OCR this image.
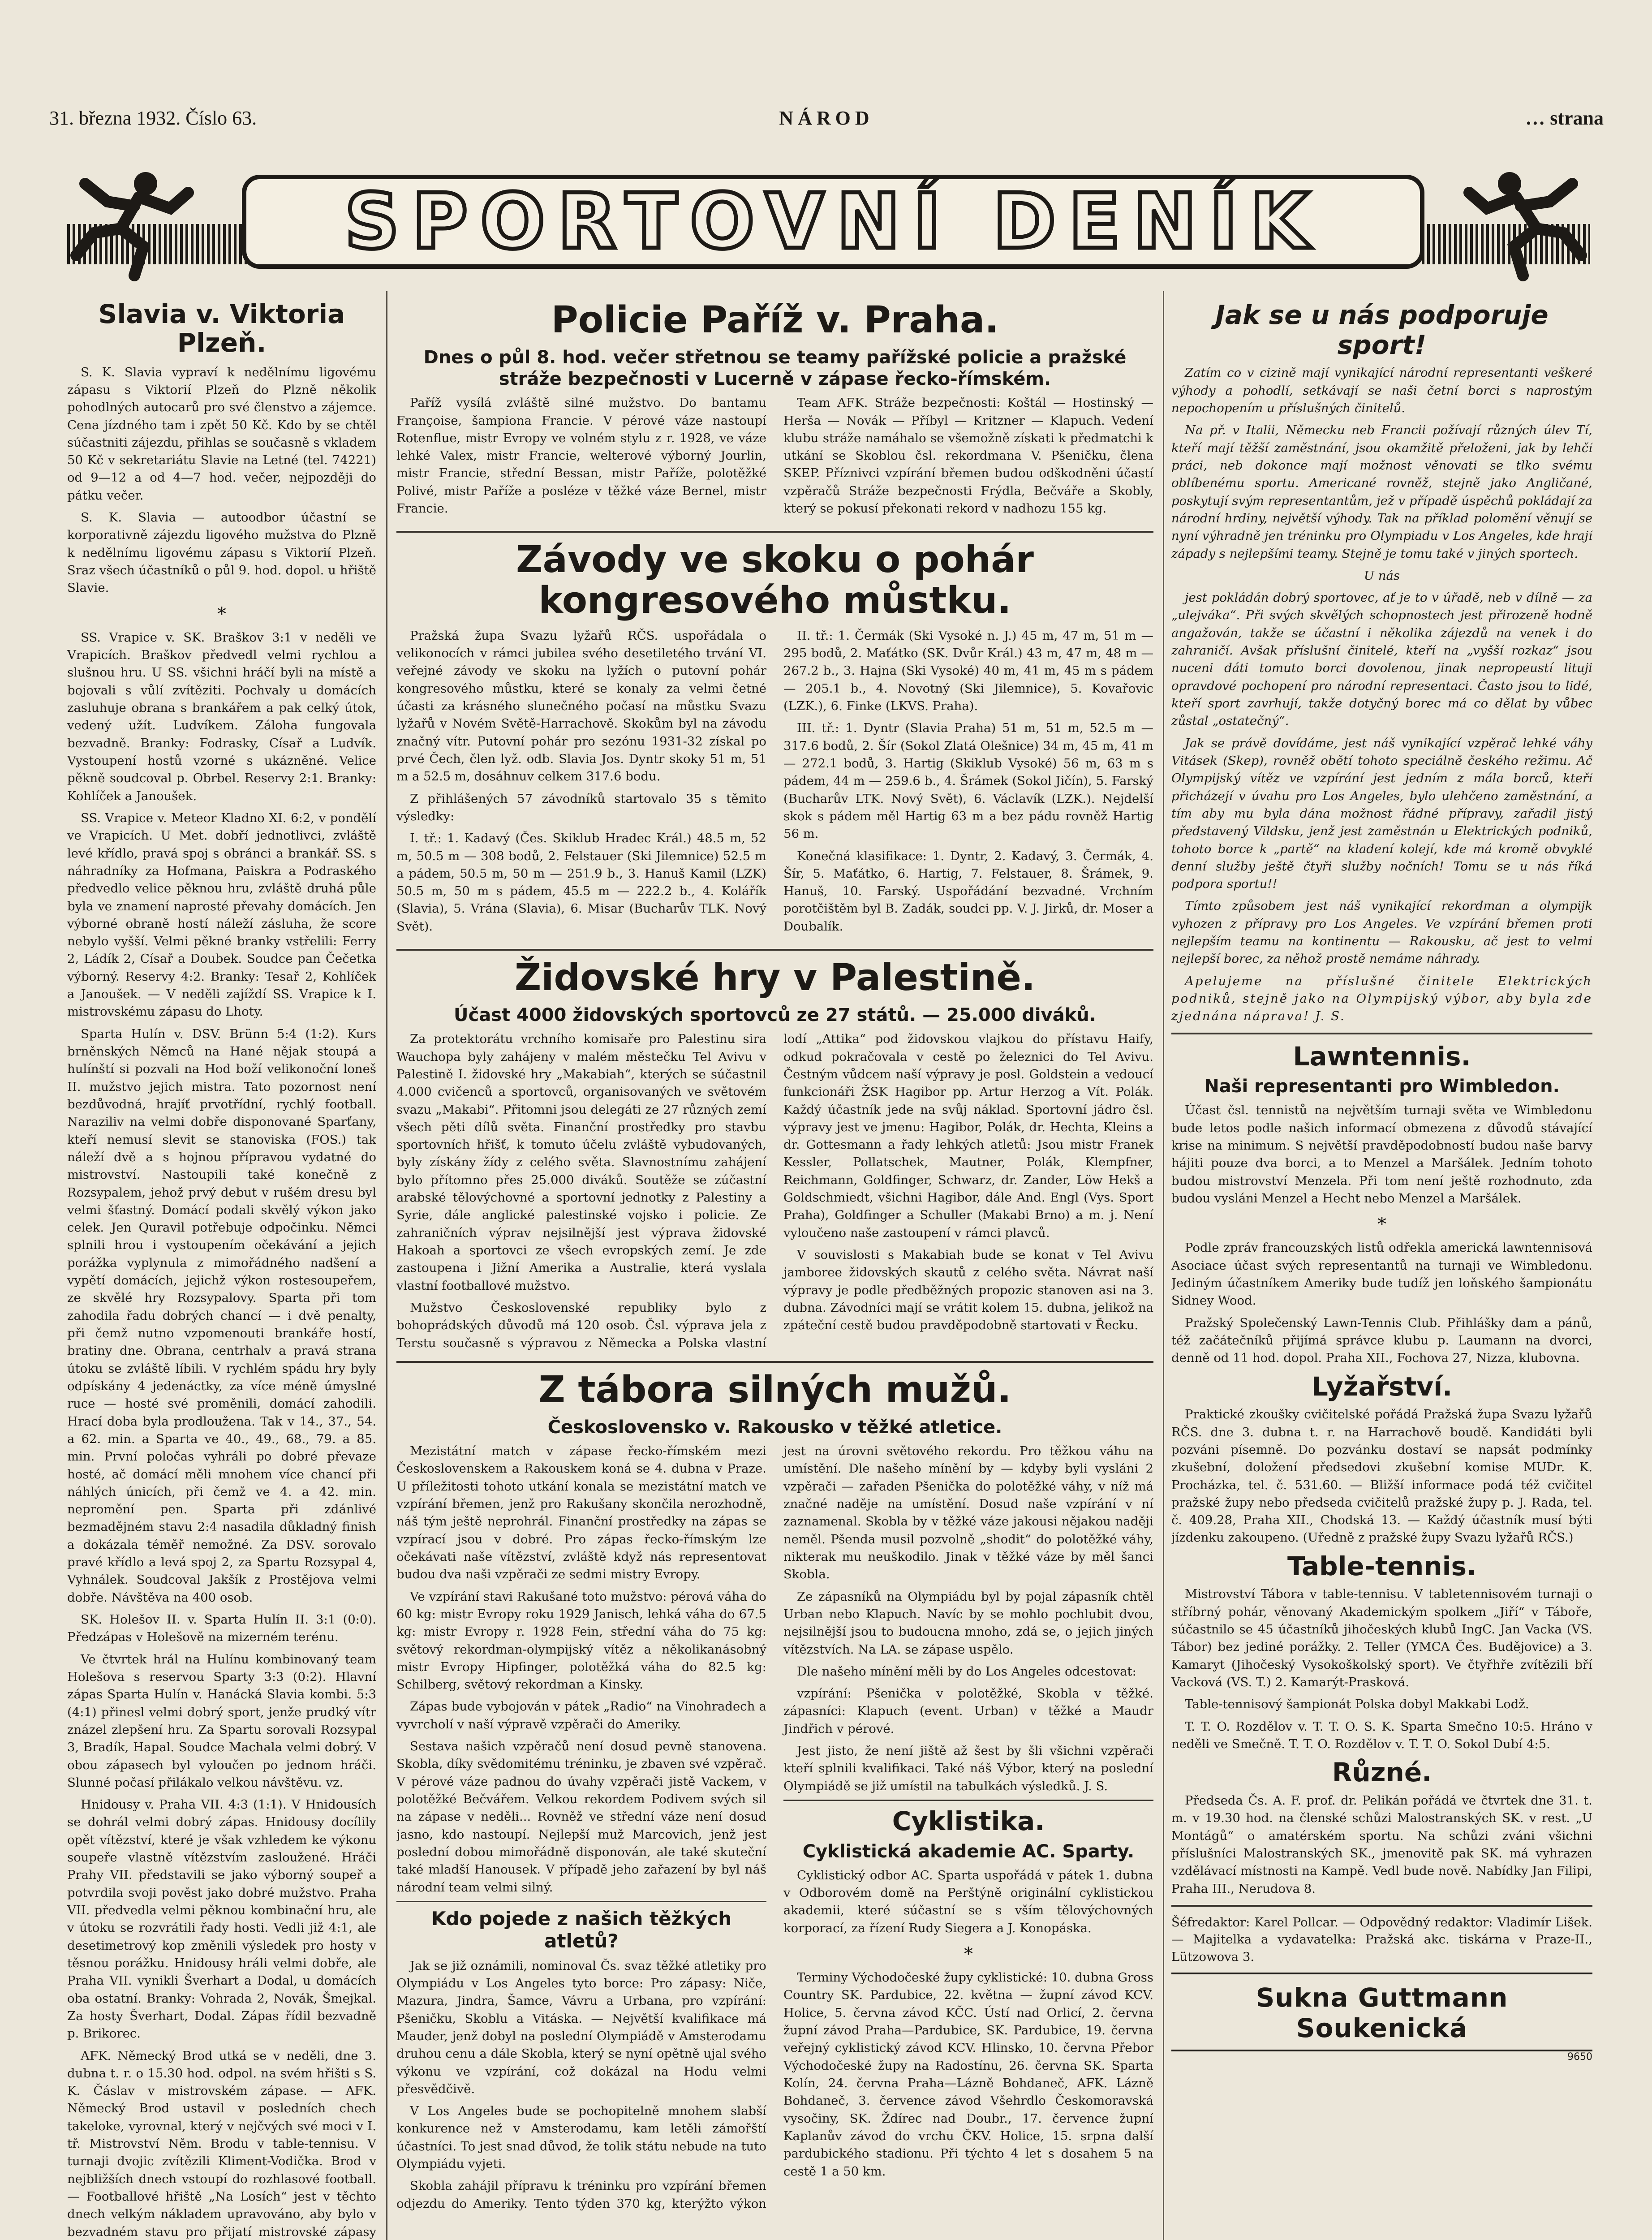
31. března 1932. Číslo 63.	NÁROD	… strana
SPORTOVNÍ DENÍK
Slavia v. Viktoria Plzeň.

S. K. Slavia vypraví k nedělnímu ligovému zápasu s Viktorií Plzeň do Plzně několik pohodlných autocarů pro své členstvo a zájemce. Cena jízdného tam i zpět 50 Kč. Kdo by se chtěl súčastniti zájezdu, přihlas se současně s vkladem 50 Kč v sekretariátu Slavie na Letné (tel. 74221) od 9—12 a od 4—7 hod. večer, nejpozději do pátku večer.

S. K. Slavia — autoodbor účastní se korporativně zájezdu ligového mužstva do Plzně k nedělnímu ligovému zápasu s Viktorií Plzeň. Sraz všech účastníků o půl 9. hod. dopol. u hřiště Slavie.

*

SS. Vrapice v. SK. Braškov 3:1 v neděli ve Vrapicích. Braškov předvedl velmi rychlou a slušnou hru. U SS. všichni hráčí byli na místě a bojovali s vůlí zvítěziti. Pochvaly u domácích zasluhuje obrana s brankářem a pak celký útok, vedený užít. Ludvíkem. Záloha fungovala bezvadně. Branky: Fodrasky, Císař a Ludvík. Vystoupení hostů vzorné s ukázněné. Velice pěkně soudcoval p. Obrbel. Reservy 2:1. Branky: Kohlíček a Janoušek.

SS. Vrapice v. Meteor Kladno XI. 6:2, v pondělí ve Vrapicích. U Met. dobří jednotlivci, zvláště levé křídlo, pravá spoj s obránci a brankář. SS. s náhradníky za Hofmana, Paiskra a Podraského předvedlo velice pěknou hru, zvláště druhá půle byla ve znamení naprosté převahy domácích. Jen výborné obraně hostí náleží zásluha, že score nebylo vyšší. Velmi pěkné branky vstřelili: Ferry 2, Ládík 2, Císař a Doubek. Soudce pan Čečetka výborný. Reservy 4:2. Branky: Tesař 2, Kohlíček a Janoušek. — V neděli zajíždí SS. Vrapice k I. mistrovskému zápasu do Lhoty.

Sparta Hulín v. DSV. Brünn 5:4 (1:2). Kurs brněnských Němců na Hané nějak stoupá a hulínští si pozvali na Hod boží velikonoční loneš II. mužstvo jejich mistra. Tato pozornost není bezdůvodná, hrajíť prvotřídní, rychlý football. Naraziliv na velmi dobře disponované Sparťany, kteří nemusí slevit se stanoviska (FOS.) tak náleží dvě a s hojnou přípravou vydatné do mistrovství. Nastoupili také konečně z Rozsypalem, jehož prvý debut v rušém dresu byl velmi šťastný. Domácí podali skvělý výkon jako celek. Jen Quravil potřebuje odpočinku. Němci splnili hrou i vystoupením očekávání a jejich porážka vyplynula z mimořádného nadšení a vypětí domácích, jejichž výkon rostesoupeřem, ze skvělé hry Rozsypalovy. Sparta při tom zahodila řadu dobrých chancí — i dvě penalty, při čemž nutno vzpomenouti brankáře hostí, bratiny dne. Obrana, centrhalv a pravá strana útoku se zvláště líbili. V rychlém spádu hry byly odpískány 4 jedenáctky, za více méně úmyslné ruce — hosté své proměnili, domácí zahodili. Hrací doba byla prodloužena. Tak v 14., 37., 54. a 62. min. a Sparta ve 40., 49., 68., 79. a 85. min. První poločas vyhráli po dobré převaze hosté, ač domácí měli mnohem více chancí při náhlých únicích, při čemž ve 4. a 42. min. nepromění pen. Sparta při zdánlivé bezmadějném stavu 2:4 nasadila důkladný finish a dokázala téměř nemožné. Za DSV. sorovalo pravé křídlo a levá spoj 2, za Spartu Rozsypal 4, Vyhnálek. Soudcoval Jakšík z Prostějova velmi dobře. Návštěva na 400 osob.

SK. Holešov II. v. Sparta Hulín II. 3:1 (0:0). Předzápas v Holešově na mizerném terénu.

Ve čtvrtek hrál na Hulínu kombinovaný team Holešova s reservou Sparty 3:3 (0:2). Hlavní zápas Sparta Hulín v. Hanácká Slavia kombi. 5:3 (4:1) přinesl velmi dobrý sport, jenže prudký vítr znázel zlepšení hru. Za Spartu sorovali Rozsypal 3, Bradík, Hapal. Soudce Machala velmi dobrý. V obou zápasech byl vyloučen po jednom hráči. Slunné počasí přilákalo velkou návštěvu. vz.

Hnidousy v. Praha VII. 4:3 (1:1). V Hnidousích se dohrál velmi dobrý zápas. Hnidousy docílily opět vítězství, které je však vzhledem ke výkonu soupeře vlastně vítězstvím zasloužené. Hráči Prahy VII. představili se jako výborný soupeř a potvrdila svoji pověst jako dobré mužstvo. Praha VII. předvedla velmi pěknou kombinační hru, ale v útoku se rozvrátili řady hosti. Vedli již 4:1, ale desetimetrový kop změnili výsledek pro hosty v těsnou porážku. Hnidousy hráli velmi dobře, ale Praha VII. vynikli Šverhart a Dodal, u domácích oba ostatní. Branky: Vohrada 2, Novák, Šmejkal. Za hosty Šverhart, Dodal. Zápas řídil bezvadně p. Brikorec.

AFK. Německý Brod utká se v neděli, dne 3. dubna t. r. o 15.30 hod. odpol. na svém hřišti s S. K. Čáslav v mistrovském zápase. — AFK. Německý Brod ustavil v posledních chech takeloke, vyrovnal, který v nejčvých své moci v I. tř. Mistrovství Něm. Brodu v table-tennisu. V turnaji dvojic zvítězili Kliment-Vodička. Brod v nejbližších dnech vstoupí do rozhlasové football. — Footballové hřiště „Na Losích“ jest v těchto dnech velkým nákladem upravováno, aby bylo v bezvadném stavu pro přijatí mistrovské zápasy

Policie Paříž v. Praha.
Dnes o půl 8. hod. večer střetnou se teamy pařížské policie a pražské stráže bezpečnosti v Lucerně v zápase řecko-římském.

Paříž vysílá zvláště silné mužstvo. Do bantamu Françoise, šampiona Francie. V pérové váze nastoupí Rotenflue, mistr Evropy ve volném stylu z r. 1928, ve váze lehké Valex, mistr Francie, welterové výborný Jourlin, mistr Francie, střední Bessan, mistr Paříže, polotěžké Polivé, mistr Paříže a posléze v těžké váze Bernel, mistr Francie.

Team AFK. Stráže bezpečnosti: Koštál — Hostinský — Herša — Novák — Příbyl — Kritzner — Klapuch. Vedení klubu stráže namáhalo se všemožně získati k předmatchi k utkání se Skoblou čsl. rekordmana V. Pšeničku, člena SKEP. Příznivci vzpírání břemen budou odškodněni účastí vzpěračů Stráže bezpečnosti Frýdla, Bečváře a Skobly, který se pokusí překonati rekord v nadhozu 155 kg.

Závody ve skoku o pohár kongresového můstku.

Pražská župa Svazu lyžařů RČS. uspořádala o velikonocích v rámci jubilea svého desetiletého trvání VI. veřejné závody ve skoku na lyžích o putovní pohár kongresového můstku, které se konaly za velmi četné účasti za krásného slunečného počasí na můstku Svazu lyžařů v Novém Světě-Harrachově. Skokům byl na závodu značný vítr. Putovní pohár pro sezónu 1931-32 získal po prvé Čech, člen lyž. odb. Slavia Jos. Dyntr skoky 51 m, 51 m a 52.5 m, dosáhnuv celkem 317.6 bodu.

Z přihlášených 57 závodníků startovalo 35 s těmito výsledky:

I. tř.: 1. Kadavý (Čes. Skiklub Hradec Král.) 48.5 m, 52 m, 50.5 m — 308 bodů, 2. Felstauer (Ski Jilemnice) 52.5 m a pádem, 50.5 m, 50 m — 251.9 b., 3. Hanuš Kamil (LZK) 50.5 m, 50 m s pádem, 45.5 m — 222.2 b., 4. Kolářík (Slavia), 5. Vrána (Slavia), 6. Misar (Bucharův TLK. Nový Svět).

II. tř.: 1. Čermák (Ski Vysoké n. J.) 45 m, 47 m, 51 m — 295 bodů, 2. Maťátko (SK. Dvůr Král.) 43 m, 47 m, 48 m — 267.2 b., 3. Hajna (Ski Vysoké) 40 m, 41 m, 45 m s pádem — 205.1 b., 4. Novotný (Ski Jilemnice), 5. Kovařovic (LZK.), 6. Finke (LKVS. Praha).

III. tř.: 1. Dyntr (Slavia Praha) 51 m, 51 m, 52.5 m — 317.6 bodů, 2. Šír (Sokol Zlatá Olešnice) 34 m, 45 m, 41 m — 272.1 bodů, 3. Hartig (Skiklub Vysoké) 56 m, 63 m s pádem, 44 m — 259.6 b., 4. Šrámek (Sokol Jičín), 5. Farský (Bucharův LTK. Nový Svět), 6. Václavík (LZK.). Nejdelší skok s pádem měl Hartig 63 m a bez pádu rovněž Hartig 56 m.

Konečná klasifikace: 1. Dyntr, 2. Kadavý, 3. Čermák, 4. Šír, 5. Maťátko, 6. Hartig, 7. Felstauer, 8. Šrámek, 9. Hanuš, 10. Farský. Uspořádání bezvadné. Vrchním porotčištěm byl B. Zadák, soudci pp. V. J. Jirků, dr. Moser a Doubalík.

Židovské hry v Palestině.
Účast 4000 židovských sportovců ze 27 států. — 25.000 diváků.

Za protektorátu vrchního komisaře pro Palestinu sira Wauchopa byly zahájeny v malém městečku Tel Avivu v Palestině I. židovské hry „Makabiah“, kterých se súčastnil 4.000 cvičenců a sportovců, organisovaných ve světovém svazu „Makabi“. Přitomni jsou delegáti ze 27 různých zemí všech pěti dílů světa. Finanční prostředky pro stavbu sportovních hřišť, k tomuto účelu zvláště vybudovaných, byly získány žídy z celého světa. Slavnostnímu zahájení bylo přítomno přes 25.000 diváků. Soutěže se zúčastní arabské tělovýchovné a sportovní jednotky z Palestiny a Syrie, dále anglické palestinské vojsko i policie. Ze zahraničních výprav nejsilnější jest výprava židovské Hakoah a sportovci ze všech evropských zemí. Je zde zastoupena i Jižní Amerika a Australie, která vyslala vlastní footballové mužstvo.

Mužstvo Československé republiky bylo z bohoprádských důvodů má 120 osob. Čsl. výprava jela z Terstu současně s výpravou z Německa a Polska vlastní lodí „Attika“ pod židovskou vlajkou do přístavu Haify, odkud pokračovala v cestě po železnici do Tel Avivu. Čestným vůdcem naší výpravy je posl. Goldstein a vedoucí funkcionáři ŽSK Hagibor pp. Artur Herzog a Vít. Polák. Každý účastník jede na svůj náklad. Sportovní jádro čsl. výpravy jest ve jmenu: Hagibor, Polák, dr. Hechta, Kleins a dr. Gottesmann a řady lehkých atletů: Jsou mistr Franek Kessler, Pollatschek, Mautner, Polák, Klempfner, Reichmann, Goldfinger, Schwarz, dr. Zander, Löw Hekš a Goldschmiedt, všichni Hagibor, dále And. Engl (Vys. Sport Praha), Goldfinger a Schuller (Makabi Brno) a m. j. Není vyloučeno naše zastoupení v rámci plavců.

V souvislosti s Makabiah bude se konat v Tel Avivu jamboree židovských skautů z celého světa. Návrat naší výpravy je podle předběžných propozic stanoven asi na 3. dubna. Závodníci mají se vrátit kolem 15. dubna, jelikož na zpáteční cestě budou pravděpodobně startovati v Řecku.

Z tábora silných mužů.
Československo v. Rakousko v těžké atletice.

Mezistátní match v zápase řecko-římském mezi Československem a Rakouskem koná se 4. dubna v Praze. U příležitosti tohoto utkání konala se mezistátní match ve vzpírání břemen, jenž pro Rakušany skončila nerozhodně, náš tým ještě neprohrál. Finanční prostředky na zápas se vzpírací jsou v dobré. Pro zápas řecko-římským lze očekávati naše vítězství, zvláště když nás representovat budou dva naši vzpěrači ze sedmi mistry Evropy.

Ve vzpírání stavi Rakušané toto mužstvo: pérová váha do 60 kg: mistr Evropy roku 1929 Janisch, lehká váha do 67.5 kg: mistr Evropy r. 1928 Fein, střední váha do 75 kg: světový rekordman-olympijský vítěz a několikanásobný mistr Evropy Hipfinger, polotěžká váha do 82.5 kg: Schilberg, světový rekordman a Kinsky.

Zápas bude vybojován v pátek „Radio“ na Vinohradech a vyvrcholí v naší výpravě vzpěrači do Ameriky.

Sestava našich vzpěračů není dosud pevně stanovena. Skobla, díky svědomitému tréninku, je zbaven své vzpěrač. V pérové váze padnou do úvahy vzpěrači jistě Vackem, v polotěžké Bečvářem. Velkou rekordem Podivem svých sil na zápase v neděli... Rovněž ve střední váze není dosud jasno, kdo nastoupí. Nejlepší muž Marcovich, jenž jest poslední dobou mimořádně disponován, ale také skuteční také mladší Hanousek. V případě jeho zařazení by byl náš národní team velmi silný.

Kdo pojede z našich těžkých atletů?

Jak se již oznámili, nominoval Čs. svaz těžké atletiky pro Olympiádu v Los Angeles tyto borce: Pro zápasy: Niče, Mazura, Jindra, Šamce, Vávru a Urbana, pro vzpírání: Pšeničku, Skoblu a Vitáska. — Největší kvalifikace má Mauder, jenž dobyl na poslední Olympiádě v Amsterodamu druhou cenu a dále Skobla, který se nyní opětně ujal svého výkonu ve vzpírání, což dokázal na Hodu velmi přesvědčivě.

V Los Angeles bude se pochopitelně mnohem slabší konkurence než v Amsterodamu, kam letěli zámořští účastníci. To jest snad důvod, že tolik státu nebude na tuto Olympiádu vyjeti.

Skobla zahájil přípravu k tréninku pro vzpírání břemen odjezdu do Ameriky. Tento týden 370 kg, kterýžto výkon jest na úrovni světového rekordu. Pro těžkou váhu na umístění. Dle našeho mínění by — kdyby byli vysláni 2 vzpěrači — zařaden Pšenička do polotěžké váhy, v níž má značné naděje na umístění. Dosud naše vzpírání v ní zaznamenal. Skobla by v těžké váze jakousi nějakou naději neměl. Pšenda musil pozvolně „shodit“ do polotěžké váhy, nikterak mu neuškodilo. Jinak v těžké váze by měl šanci Skobla.

Ze zápasníků na Olympiádu byl by pojal zápasník chtěl Urban nebo Klapuch. Navíc by se mohlo pochlubit dvou, nejsilnější jsou to budoucna mnoho, zdá se, o jejich jiných vítězstvích. Na LA. se zápase uspělo.

Dle našeho mínění měli by do Los Angeles odcestovat:

vzpírání: Pšenička v polotěžké, Skobla v těžké. zápasníci: Klapuch (event. Urban) v těžké a Maudr Jindřich v pérové.

Jest jisto, že není jiště až šest by šli všichni vzpěrači kteří splnili kvalifikaci. Také náš Výbor, který na poslední Olympiádě se již umístil na tabulkách výsledků. J. S.

Cyklistika.
Cyklistická akademie AC. Sparty.

Cyklistický odbor AC. Sparta uspořádá v pátek 1. dubna v Odborovém domě na Perštýně originální cyklistickou akademii, které súčastní se s vším tělovýchovných korporací, za řízení Rudy Siegera a J. Konopáska.

*

Terminy Východočeské župy cyklistické: 10. dubna Gross Country SK. Pardubice, 22. května — župní závod KCV. Holice, 5. června závod KČC. Ústí nad Orlicí, 2. června župní závod Praha—Pardubice, SK. Pardubice, 19. června veřejný cyklistický závod KCV. Hlinsko, 10. června Přebor Východočeské župy na Radostínu, 26. června SK. Sparta Kolín, 24. června Praha—Lázně Bohdaneč, AFK. Lázně Bohdaneč, 3. července závod Všehrdlo Českomoravská vysočiny, SK. Ždírec nad Doubr., 17. července župní Kaplanův závod do vrchu ČKV. Holice, 15. srpna další pardubického stadionu. Při týchto 4 let s dosahem 5 na cestě 1 a 50 km.

Jak se u nás podporuje sport!

Zatím co v cizině mají vynikající národní representanti veškeré výhody a pohodlí, setkávají se naši četní borci s naprostým nepochopením u příslušných činitelů.

Na př. v Italii, Německu neb Francii požívají různých úlev Tí, kteří mají těžší zaměstnání, jsou okamžitě přeloženi, jak by lehčí práci, neb dokonce mají možnost věnovati se tlko svému oblíbenému sportu. Americané rovněž, stejně jako Angličané, poskytují svým representantům, jež v případě úspěchů pokládají za národní hrdiny, největší výhody. Tak na příklad polomění věnují se nyní výhradně jen tréninku pro Olympiadu v Los Angeles, kde hrají západy s nejlepšími teamy. Stejně je tomu také v jiných sportech.

U nás

jest pokládán dobrý sportovec, ať je to v úřadě, neb v dílně — za „ulejváka“. Při svých skvělých schopnostech jest přirozeně hodně angažován, takže se účastní i několika zájezdů na venek i do zahraničí. Avšak příslušní činitelé, kteří na „vyšší rozkaz“ jsou nuceni dáti tomuto borci dovolenou, jinak nepropeustí lituji opravdové pochopení pro národní representaci. Často jsou to lidé, kteří sport zavrhují, takže dotyčný borec má co dělat by vůbec zůstal „ostatečný“.

Jak se právě dovídáme, jest náš vynikající vzpěrač lehké váhy Vitásek (Skep), rovněž obětí tohoto speciálně českého režimu. Ač Olympijský vítěz ve vzpírání jest jedním z mála borců, kteří přicházejí v úvahu pro Los Angeles, bylo ulehčeno zaměstnání, a tím aby mu byla dána možnost řádné přípravy, zařadil jistý představený Vildsku, jenž jest zaměstnán u Elektrických podniků, tohoto borce k „partě“ na kladení kolejí, kde má kromě obvyklé denní služby ještě čtyři služby nočních! Tomu se u nás říká podpora sportu!!

Tímto způsobem jest náš vynikající rekordman a olympijk vyhozen z přípravy pro Los Angeles. Ve vzpírání břemen proti nejlepším teamu na kontinentu — Rakousku, ač jest to velmi nejlepší borec, za něhož prostě nemáme náhrady.

Apelujeme na příslušné činitele Elektrických podniků, stejně jako na Olympijský výbor, aby byla zde zjednána náprava! J. S.

Lawntennis.
Naši representanti pro Wimbledon.

Účast čsl. tennistů na největším turnaji světa ve Wimbledonu bude letos podle našich informací obmezena z důvodů stávající krise na minimum. S největší pravděpodobností budou naše barvy hájiti pouze dva borci, a to Menzel a Maršálek. Jedním tohoto budou mistrovství Menzela. Při tom není ještě rozhodnuto, zda budou vysláni Menzel a Hecht nebo Menzel a Maršálek.

*

Podle zpráv francouzských listů odřekla americká lawntennisová Asociace účast svých representantů na turnaji ve Wimbledonu. Jediným účastníkem Ameriky bude tudíž jen loňského šampionátu Sidney Wood.

Pražský Společenský Lawn-Tennis Club. Přihlášky dam a pánů, též začátečníků přijímá správce klubu p. Laumann na dvorci, denně od 11 hod. dopol. Praha XII., Fochova 27, Nizza, klubovna.

Lyžařství.

Praktické zkoušky cvičitelské pořádá Pražská župa Svazu lyžařů RČS. dne 3. dubna t. r. na Harrachově boudě. Kandidáti byli pozváni písemně. Do pozvánku dostaví se napsát podmínky zkušební, doložení předsedovi zkušební komise MUDr. K. Procházka, tel. č. 531.60. — Bližší informace podá též cvičitel pražské župy nebo předseda cvičitelů pražské župy p. J. Rada, tel. č. 409.28, Praha XII., Chodská 13. — Každý účastník musí býti jízdenku zakoupeno. (Uředně z pražské župy Svazu lyžařů RČS.)

Table-tennis.

Mistrovství Tábora v table-tennisu. V tabletennisovém turnaji o stříbrný pohár, věnovaný Akademickým spolkem „Jiří“ v Táboře, súčastnilo se 45 účastníků jihočeských klubů IngC. Jan Vacka (VS. Tábor) bez jediné porážky. 2. Teller (YMCA Čes. Budějovice) a 3. Kamaryt (Jihočeský Vysokoškolský sport). Ve čtyřhře zvítězili bří Vacková (VS. T.) 2. Kamarýt-Prasková.

Table-tennisový šampionát Polska dobyl Makkabi Lodž.

T. T. O. Rozdělov v. T. T. O. S. K. Sparta Smečno 10:5. Hráno v neděli ve Smečně. T. T. O. Rozdělov v. T. T. O. Sokol Dubí 4:5.

Různé.

Předseda Čs. A. F. prof. dr. Pelikán pořádá ve čtvrtek dne 31. t. m. v 19.30 hod. na členské schůzi Malostranských SK. v rest. „U Montágů“ o amatérském sportu. Na schůzi zváni všichni příslušníci Malostranských SK., jmenovitě pak SK. má vyhrazen vzdělávací místnosti na Kampě. Vedl bude nově. Nabídky Jan Filipi, Praha III., Nerudova 8.

Šéfredaktor: Karel Pollcar. — Odpovědný redaktor: Vladimír Lišek. — Majitelka a vydavatelka: Pražská akc. tiskárna v Praze-II., Lützowova 3.

Sukna Guttmann Soukenická
9650
